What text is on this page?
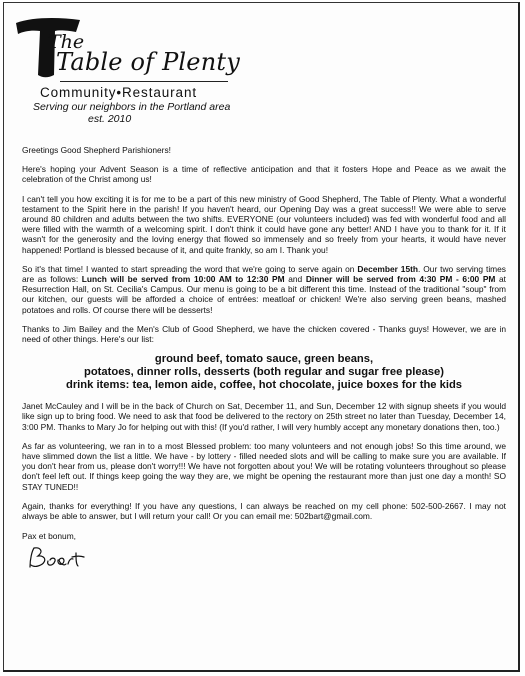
The
Table of Plenty
Community•Restaurant
Serving our neighbors in the Portland area
est. 2010

Greetings Good Shepherd Parishioners!

Here's hoping your Advent Season is a time of reflective anticipation and that it fosters Hope and Peace as we await the celebration of the Christ among us!

I can't tell you how exciting it is for me to be a part of this new ministry of Good Shepherd, The Table of Plenty. What a wonderful testament to the Spirit here in the parish! If you haven't heard, our Opening Day was a great success!! We were able to serve around 80 children and adults between the two shifts. EVERYONE (our volunteers included) was fed with wonderful food and all were filled with the warmth of a welcoming spirit. I don't think it could have gone any better! AND I have you to thank for it. If it wasn't for the generosity and the loving energy that flowed so immensely and so freely from your hearts, it would have never happened! Portland is blessed because of it, and quite frankly, so am I. Thank you!

So it's that time! I wanted to start spreading the word that we're going to serve again on December 15th. Our two serving times are as follows: Lunch will be served from 10:00 AM to 12:30 PM and Dinner will be served from 4:30 PM - 6:00 PM at Resurrection Hall, on St. Cecilia's Campus. Our menu is going to be a bit different this time. Instead of the traditional "soup" from our kitchen, our guests will be afforded a choice of entrées: meatloaf or chicken! We're also serving green beans, mashed potatoes and rolls. Of course there will be desserts!

Thanks to Jim Bailey and the Men's Club of Good Shepherd, we have the chicken covered - Thanks guys! However, we are in need of other things. Here's our list:

ground beef, tomato sauce, green beans,
potatoes, dinner rolls, desserts (both regular and sugar free please)
drink items: tea, lemon aide, coffee, hot chocolate, juice boxes for the kids

Janet McCauley and I will be in the back of Church on Sat, December 11, and Sun, December 12 with signup sheets if you would like sign up to bring food. We need to ask that food be delivered to the rectory on 25th street no later than Tuesday, December 14, 3:00 PM. Thanks to Mary Jo for helping out with this! (If you'd rather, I will very humbly accept any monetary donations then, too.)

As far as volunteering, we ran in to a most Blessed problem: too many volunteers and not enough jobs! So this time around, we have slimmed down the list a little. We have - by lottery - filled needed slots and will be calling to make sure you are available. If you don't hear from us, please don't worry!!! We have not forgotten about you! We will be rotating volunteers throughout so please don't feel left out. If things keep going the way they are, we might be opening the restaurant more than just one day a month! SO STAY TUNED!!

Again, thanks for everything! If you have any questions, I can always be reached on my cell phone: 502-500-2667. I may not always be able to answer, but I will return your call! Or you can email me: 502bart@gmail.com.

Pax et bonum,
